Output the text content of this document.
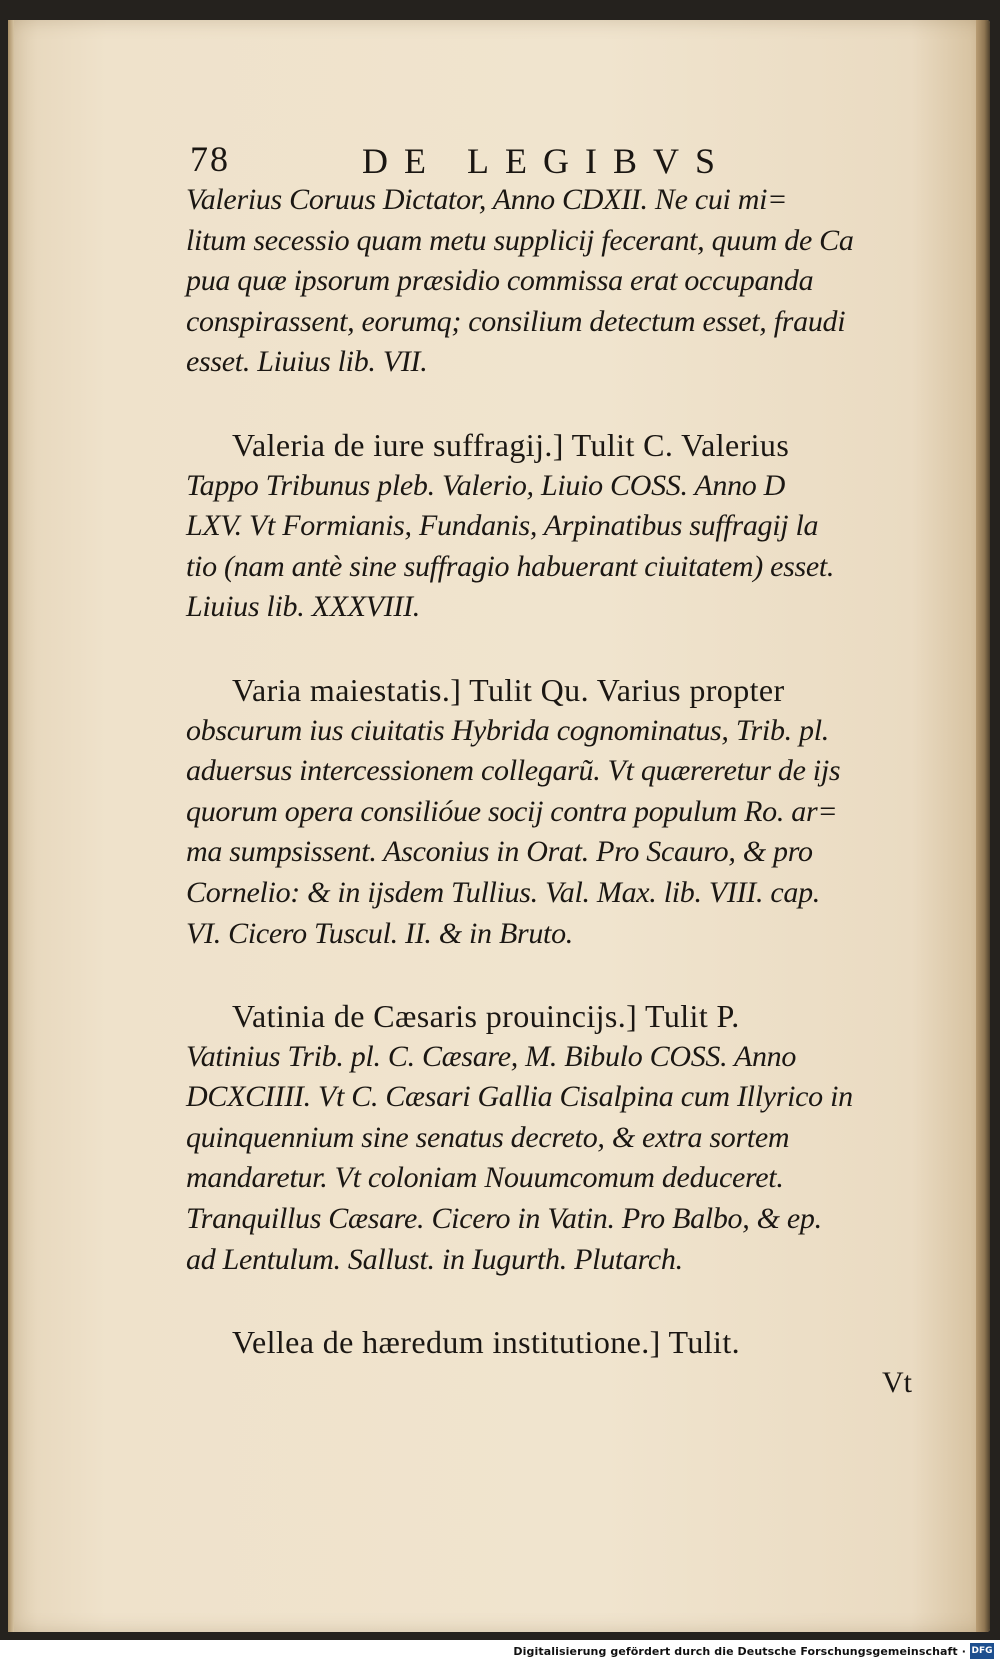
78	DE LEGIBVS
Valerius Coruus Dictator, Anno CDXII. Ne cui mi=
litum secessio quam metu supplicij fecerant, quum de Ca
pua quæ ipsorum præsidio commissa erat occupanda
conspirassent, eorumq; consilium detectum esset, fraudi
esset. Liuius lib. VII.
Valeria de iure suffragij.] Tulit C. Valerius
Tappo Tribunus pleb. Valerio, Liuio COSS. Anno D
LXV. Vt Formianis, Fundanis, Arpinatibus suffragij la
tio (nam antè sine suffragio habuerant ciuitatem) esset.
Liuius lib. XXXVIII.
Varia maiestatis.] Tulit Qu. Varius propter
obscurum ius ciuitatis Hybrida cognominatus, Trib. pl.
aduersus intercessionem collegarũ. Vt quæreretur de ijs
quorum opera consilióue socij contra populum Ro. ar=
ma sumpsissent. Asconius in Orat. Pro Scauro, & pro
Cornelio: & in ijsdem Tullius. Val. Max. lib. VIII. cap.
VI. Cicero Tuscul. II. & in Bruto.
Vatinia de Cæsaris prouincijs.] Tulit P.
Vatinius Trib. pl. C. Cæsare, M. Bibulo COSS. Anno
DCXCIIII. Vt C. Cæsari Gallia Cisalpina cum Illyrico in
quinquennium sine senatus decreto, & extra sortem
mandaretur. Vt coloniam Nouumcomum deduceret.
Tranquillus Cæsare. Cicero in Vatin. Pro Balbo, & ep.
ad Lentulum. Sallust. in Iugurth. Plutarch.
Vellea de hæredum institutione.] Tulit.
Vt
Digitalisierung gefördert durch die Deutsche Forschungsgemeinschaft · DFG
